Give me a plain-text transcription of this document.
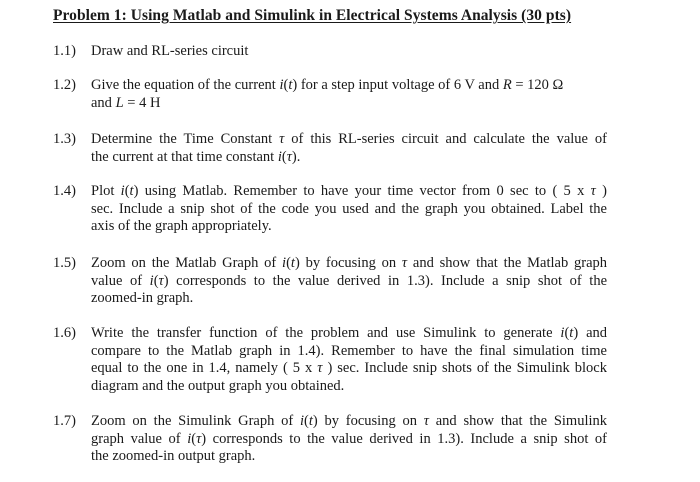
Problem 1: Using Matlab and Simulink in Electrical Systems Analysis (30 pts)
1.1) Draw and RL-series circuit
1.2) Give the equation of the current i(t) for a step input voltage of 6 V and R = 120 Ω
and L = 4 H
1.3) Determine the Time Constant τ of this RL-series circuit and calculate the value of
the current at that time constant i(τ).
1.4) Plot i(t) using Matlab. Remember to have your time vector from 0 sec to ( 5 x τ )
sec. Include a snip shot of the code you used and the graph you obtained. Label the
axis of the graph appropriately.
1.5) Zoom on the Matlab Graph of i(t) by focusing on τ and show that the Matlab graph
value of i(τ) corresponds to the value derived in 1.3). Include a snip shot of the
zoomed-in graph.
1.6) Write the transfer function of the problem and use Simulink to generate i(t) and
compare to the Matlab graph in 1.4). Remember to have the final simulation time
equal to the one in 1.4, namely ( 5 x τ ) sec. Include snip shots of the Simulink block
diagram and the output graph you obtained.
1.7) Zoom on the Simulink Graph of i(t) by focusing on τ and show that the Simulink
graph value of i(τ) corresponds to the value derived in 1.3). Include a snip shot of
the zoomed-in output graph.
